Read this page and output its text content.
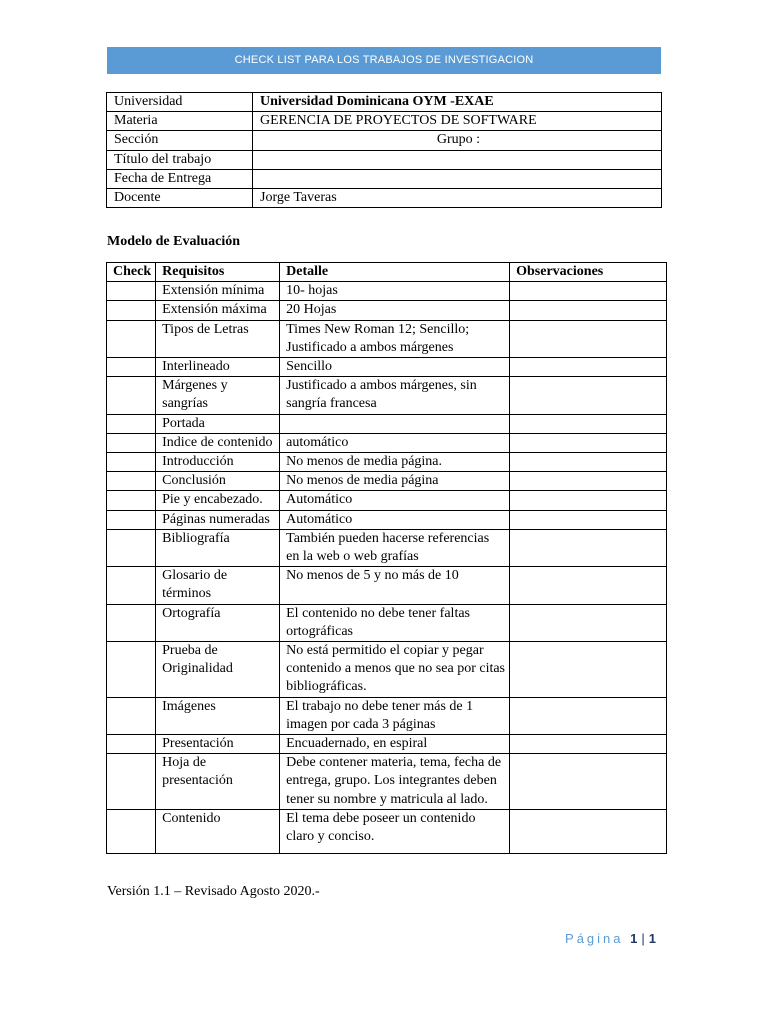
CHECK LIST PARA LOS TRABAJOS DE INVESTIGACION
Universidad	Universidad Dominicana OYM -EXAE
Materia	GERENCIA DE PROYECTOS DE SOFTWARE
Sección	Grupo :
Título del trabajo	
Fecha de Entrega	
Docente	Jorge Taveras
Modelo de Evaluación
Check	Requisitos	Detalle	Observaciones
	Extensión mínima	10- hojas	
	Extensión máxima	20 Hojas	
	Tipos de Letras	Times New Roman 12; Sencillo; Justificado a ambos márgenes	
	Interlineado	Sencillo	
	Márgenes y sangrías	Justificado a ambos márgenes, sin sangría francesa	
	Portada		
	Indice de contenido	automático	
	Introducción	No menos de media página.	
	Conclusión	No menos de media página	
	Pie y encabezado.	Automático	
	Páginas numeradas	Automático	
	Bibliografía	También pueden hacerse referencias en la web o web grafías	
	Glosario de términos	No menos de 5 y no más de 10	
	Ortografía	El contenido no debe tener faltas ortográficas	
	Prueba de Originalidad	No está permitido el copiar y pegar contenido a menos que no sea por citas bibliográficas.	
	Imágenes	El trabajo no debe tener más de 1 imagen por cada 3 páginas	
	Presentación	Encuadernado, en espiral	
	Hoja de presentación	Debe contener materia, tema, fecha de entrega, grupo. Los integrantes deben tener su nombre y matricula al lado.	
	Contenido	El tema debe poseer un contenido claro y conciso.	
Versión 1.1 – Revisado Agosto 2020.-
Página 1 | 1
